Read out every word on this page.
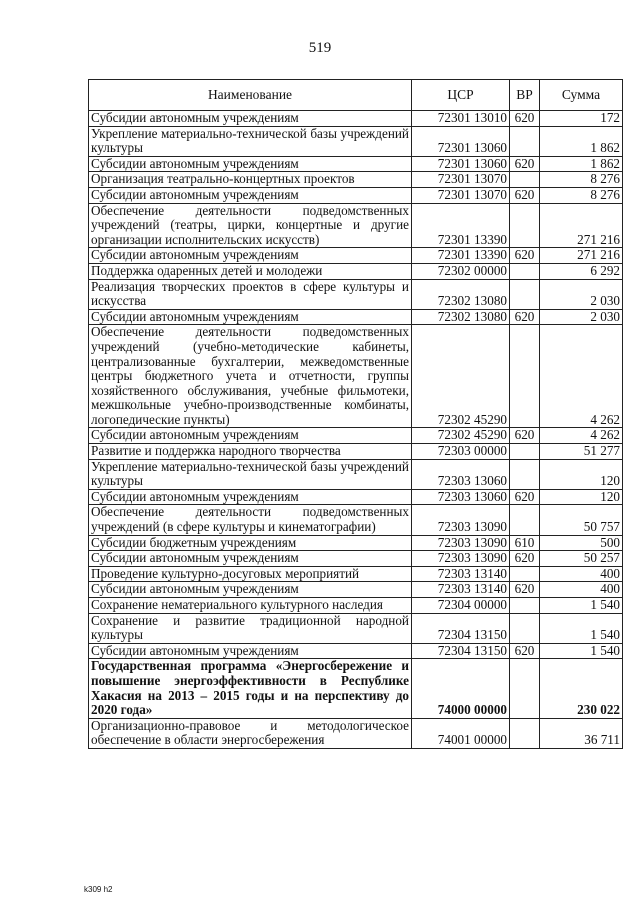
519
Наименование	ЦСР	ВР	Сумма
Субсидии автономным учреждениям	72301 13010	620	172
Укрепление материально-технической базы учреждений культуры	72301 13060		1 862
Субсидии автономным учреждениям	72301 13060	620	1 862
Организация театрально-концертных проектов	72301 13070		8 276
Субсидии автономным учреждениям	72301 13070	620	8 276
Обеспечение деятельности подведомственных учреждений (театры, цирки, концертные и другие организации исполнительских искусств)	72301 13390		271 216
Субсидии автономным учреждениям	72301 13390	620	271 216
Поддержка одаренных детей и молодежи	72302 00000		6 292
Реализация творческих проектов в сфере культуры и искусства	72302 13080		2 030
Субсидии автономным учреждениям	72302 13080	620	2 030
Обеспечение деятельности подведомственных учреждений (учебно-методические кабинеты, централизованные бухгалтерии, межведомственные центры бюджетного учета и отчетности, группы хозяйственного обслуживания, учебные фильмотеки, межшкольные учебно-производственные комбинаты, логопедические пункты)	72302 45290		4 262
Субсидии автономным учреждениям	72302 45290	620	4 262
Развитие и поддержка народного творчества	72303 00000		51 277
Укрепление материально-технической базы учреждений культуры	72303 13060		120
Субсидии автономным учреждениям	72303 13060	620	120
Обеспечение деятельности подведомственных учреждений (в сфере культуры и кинематографии)	72303 13090		50 757
Субсидии бюджетным учреждениям	72303 13090	610	500
Субсидии автономным учреждениям	72303 13090	620	50 257
Проведение культурно-досуговых мероприятий	72303 13140		400
Субсидии автономным учреждениям	72303 13140	620	400
Сохранение нематериального культурного наследия	72304 00000		1 540
Сохранение и развитие традиционной народной культуры	72304 13150		1 540
Субсидии автономным учреждениям	72304 13150	620	1 540
Государственная программа «Энергосбережение и повышение энергоэффективности в Республике Хакасия на 2013 – 2015 годы и на перспективу до 2020 года»	74000 00000		230 022
Организационно-правовое и методологическое обеспечение в области энергосбережения	74001 00000		36 711
k309 h2
